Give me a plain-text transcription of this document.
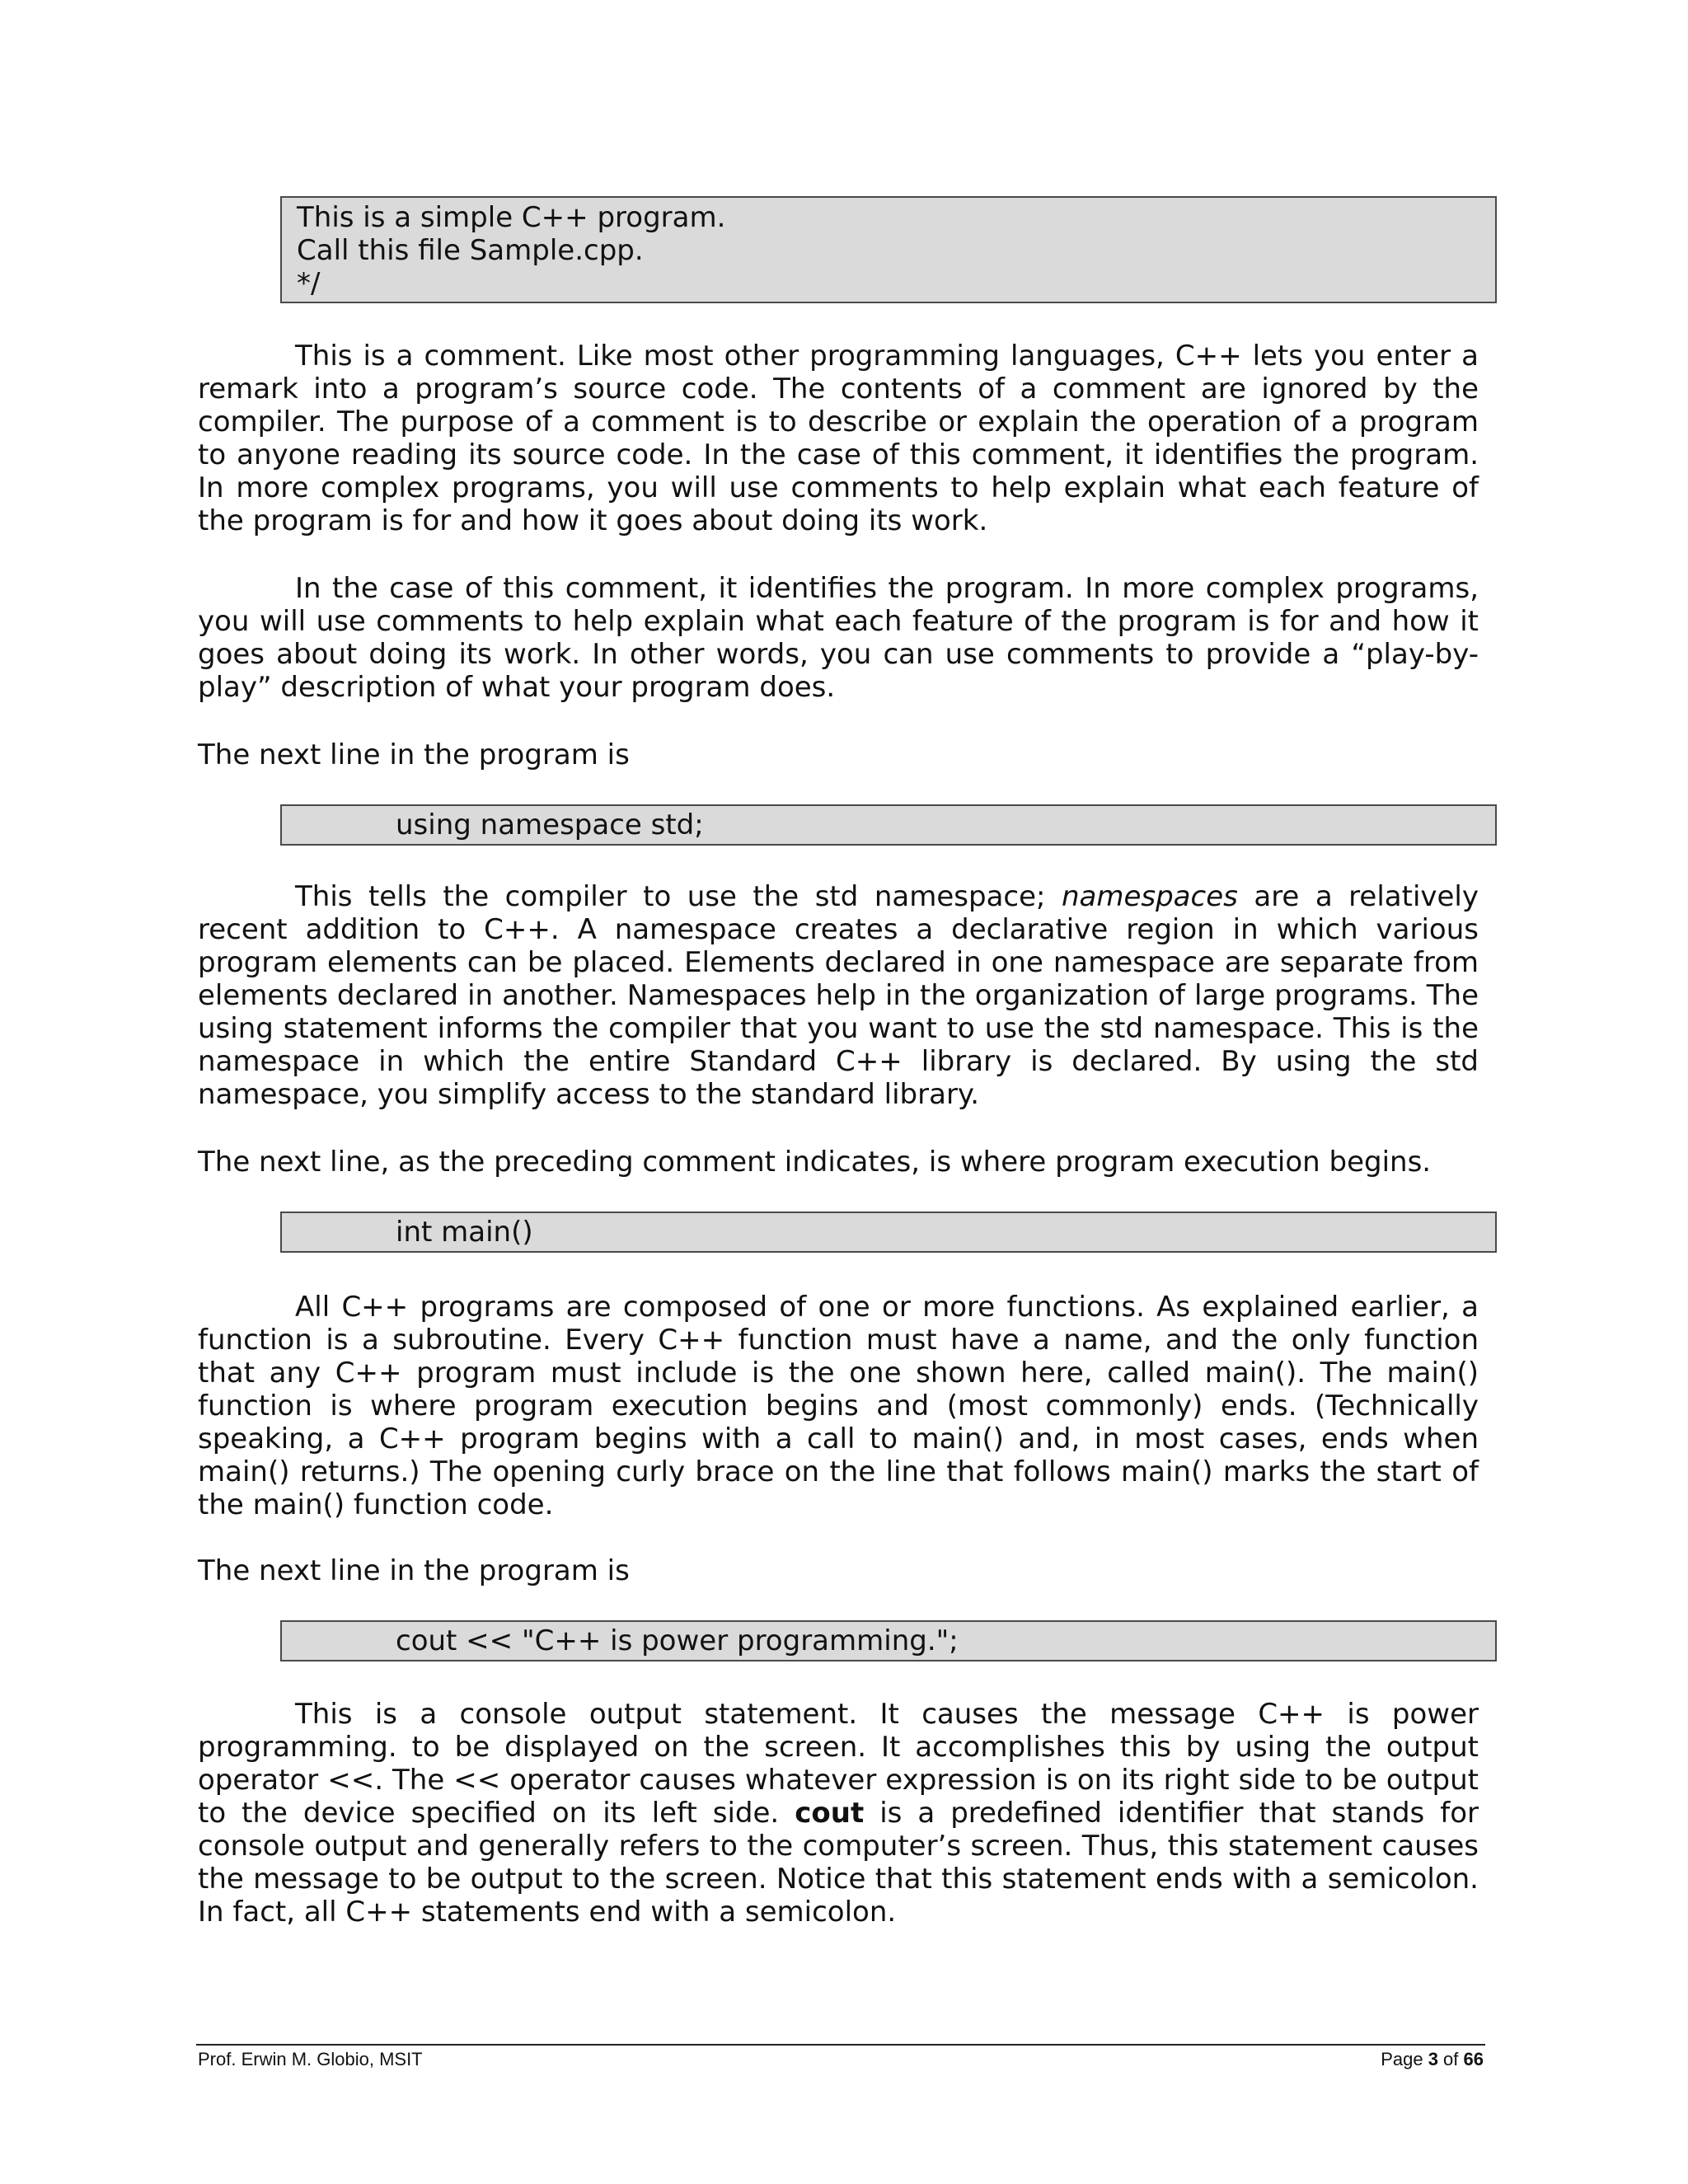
This is a simple C++ program.
Call this file Sample.cpp.
*/

This is a comment. Like most other programming languages, C++ lets you enter a remark into a program’s source code. The contents of a comment are ignored by the compiler. The purpose of a comment is to describe or explain the operation of a program to anyone reading its source code. In the case of this comment, it identifies the program. In more complex programs, you will use comments to help explain what each feature of the program is for and how it goes about doing its work.

In the case of this comment, it identifies the program. In more complex programs, you will use comments to help explain what each feature of the program is for and how it goes about doing its work. In other words, you can use comments to provide a “play-by-play” description of what your program does.

The next line in the program is
using namespace std;

This tells the compiler to use the std namespace; namespaces are a relatively recent addition to C++. A namespace creates a declarative region in which various program elements can be placed. Elements declared in one namespace are separate from elements declared in another. Namespaces help in the organization of large programs. The using statement informs the compiler that you want to use the std namespace. This is the namespace in which the entire Standard C++ library is declared. By using the std namespace, you simplify access to the standard library.

The next line, as the preceding comment indicates, is where program execution begins.
int main()

All C++ programs are composed of one or more functions. As explained earlier, a function is a subroutine. Every C++ function must have a name, and the only function that any C++ program must include is the one shown here, called main(). The main() function is where program execution begins and (most commonly) ends. (Technically speaking, a C++ program begins with a call to main() and, in most cases, ends when main() returns.) The opening curly brace on the line that follows main() marks the start of the main() function code.

The next line in the program is
cout << "C++ is power programming.";

This is a console output statement. It causes the message C++ is power programming. to be displayed on the screen. It accomplishes this by using the output operator <<. The << operator causes whatever expression is on its right side to be output to the device specified on its left side. cout is a predefined identifier that stands for console output and generally refers to the computer’s screen. Thus, this statement causes the message to be output to the screen. Notice that this statement ends with a semicolon. In fact, all C++ statements end with a semicolon.

Prof. Erwin M. Globio, MSIT	Page 3 of 66
